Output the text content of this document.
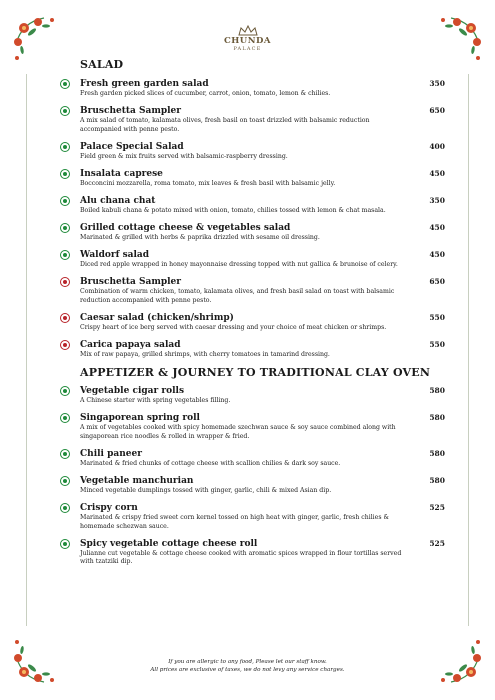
CHUNDA
PALACE
SALAD
Fresh green garden salad
Fresh garden picked slices of cucumber, carrot, onion, tomato, lemon & chilies.
350
Bruschetta Sampler
A mix salad of tomato, kalamata olives, fresh basil on toast drizzled with balsamic reduction accompanied with penne pesto.
650
Palace Special Salad
Field green & mix fruits served with balsamic-raspberry dressing.
400
Insalata caprese
Bocconcini mozzarella, roma tomato, mix leaves & fresh basil with balsamic jelly.
450
Alu chana chat
Boiled kabuli chana & potato mixed with onion, tomato, chilies tossed with lemon & chat masala.
350
Grilled cottage cheese & vegetables salad
Marinated & grilled with herbs & paprika drizzled with sesame oil dressing.
450
Waldorf salad
Diced red apple wrapped in honey mayonnaise dressing topped with nut gallica & brunoise of celery.
450
Bruschetta Sampler
Combination of warm chicken, tomato, kalamata olives, and fresh basil salad on toast with balsamic reduction accompanied with penne pesto.
650
Caesar salad (chicken/shrimp)
Crispy heart of ice berg served with caesar dressing and your choice of meat chicken or shrimps.
550
Carica papaya salad
Mix of raw papaya, grilled shrimps, with cherry tomatoes in tamarind dressing.
550
APPETIZER & JOURNEY TO TRADITIONAL CLAY OVEN
Vegetable cigar rolls
A Chinese starter with spring vegetables filling.
580
Singaporean spring roll
A mix of vegetables cooked with spicy homemade szechwan sauce & soy sauce combined along with singaporean rice noodles & rolled in wrapper & fried.
580
Chili paneer
Marinated & fried chunks of cottage cheese with scallion chilies & dark soy sauce.
580
Vegetable manchurian
Minced vegetable dumplings tossed with ginger, garlic, chili & mixed Asian dip.
580
Crispy corn
Marinated & crispy fried sweet corn kernel tossed on high heat with ginger, garlic, fresh chilies & homemade schezwan sauce.
525
Spicy vegetable cottage cheese roll
Julianne cut vegetable & cottage cheese cooked with aromatic spices wrapped in flour tortillas served with tzatziki dip.
525
If you are allergic to any food, Please let our staff know.
All prices are exclusive of taxes, we do not levy any service charges.
